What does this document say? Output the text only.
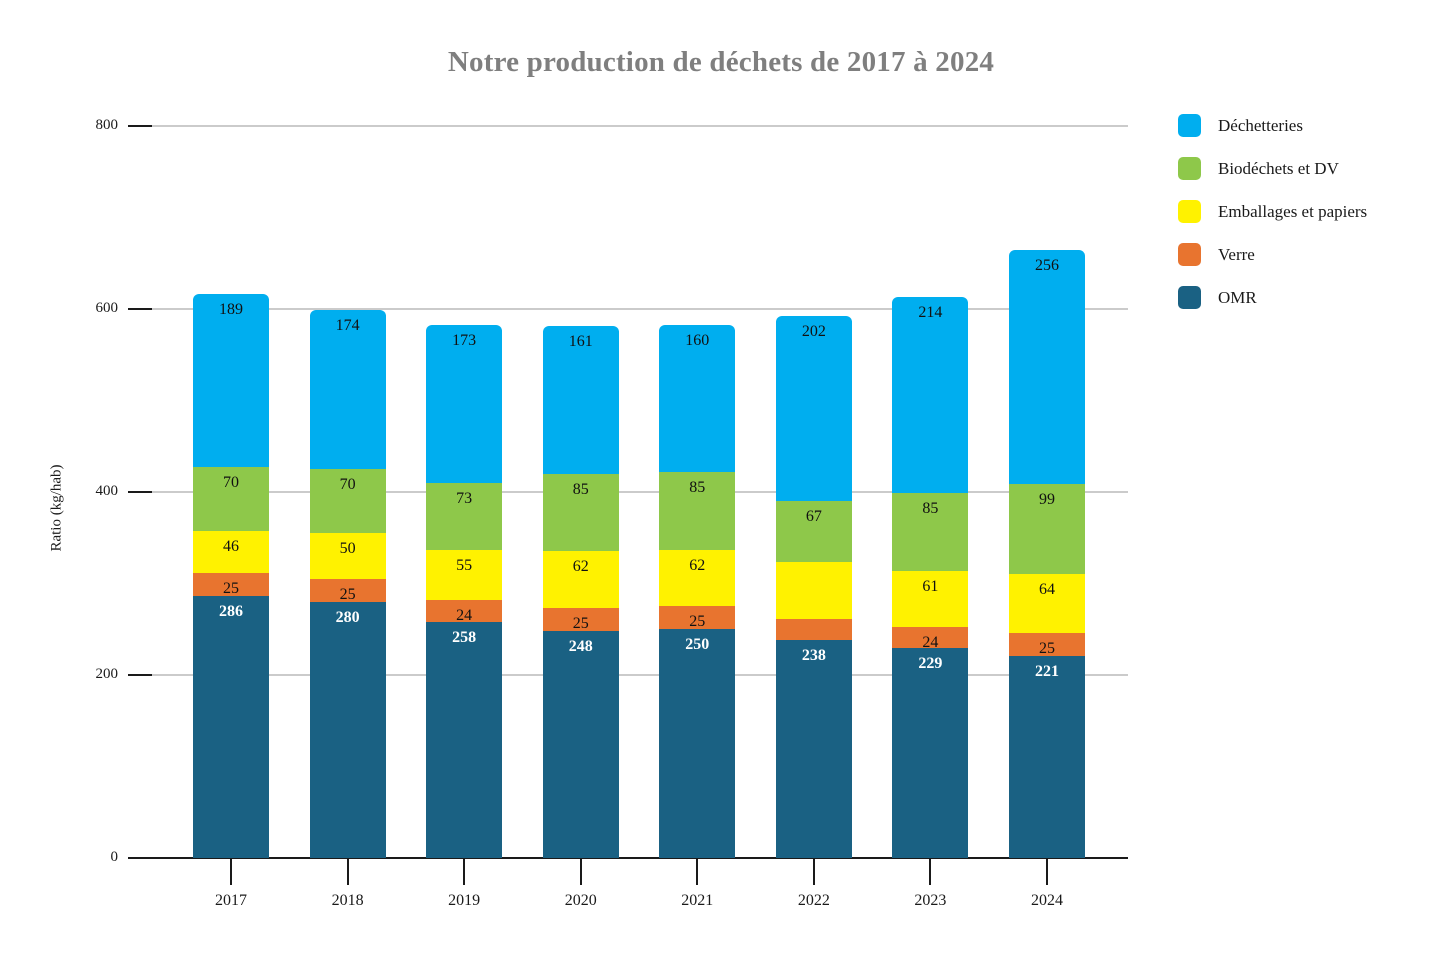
Notre production de déchets de 2017 à 2024
Ratio (kg/hab)
0
200
400
600
800
286
25
46
70
189
2017
280
25
50
70
174
2018
258
24
55
73
173
2019
248
25
62
85
161
2020
250
25
62
85
160
2021
238
67
202
2022
229
24
61
85
214
2023
221
25
64
99
256
2024
Déchetteries
Biodéchets et DV
Emballages et papiers
Verre
OMR
